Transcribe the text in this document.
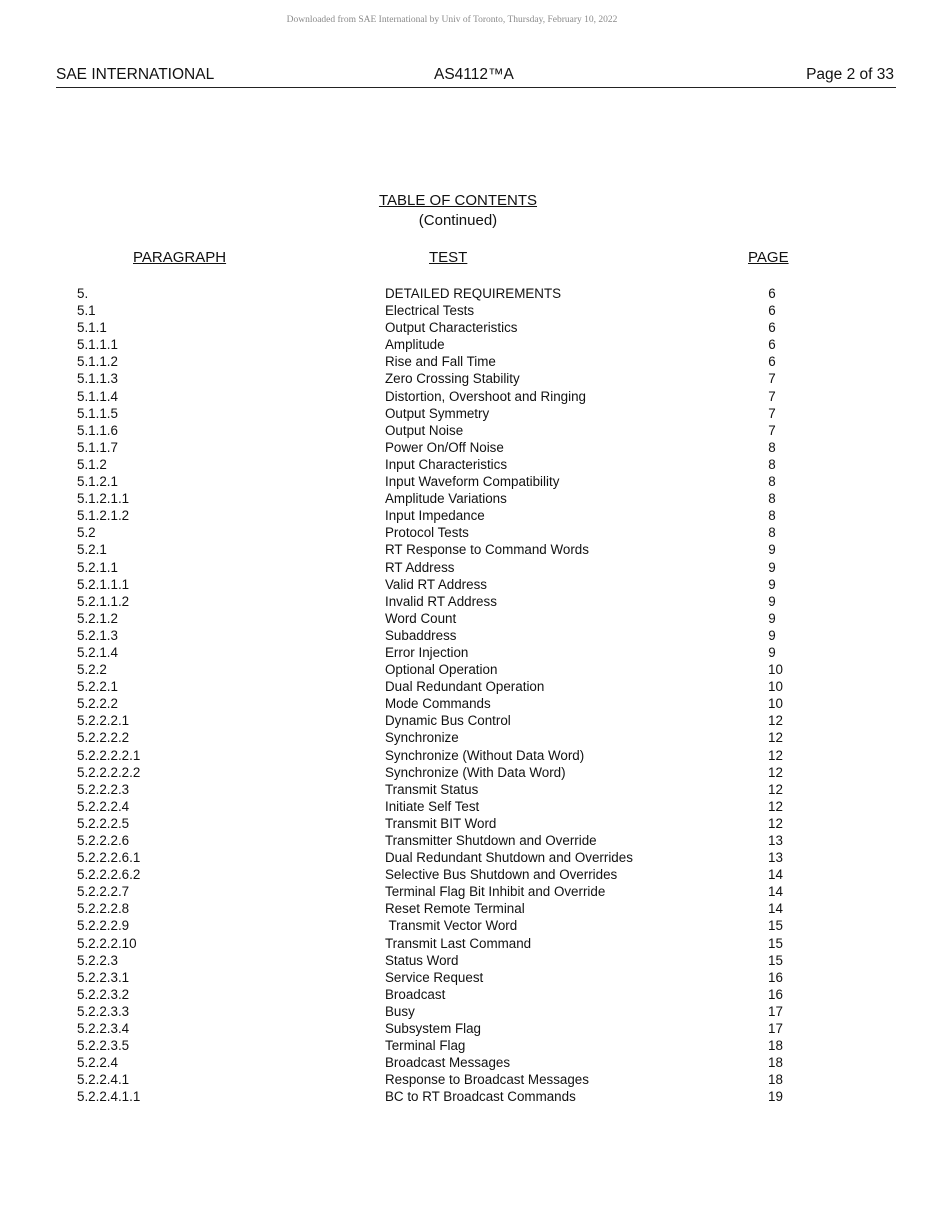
Downloaded from SAE International by Univ of Toronto, Thursday, February 10, 2022
SAE INTERNATIONAL	AS4112™A	Page 2 of 33
TABLE OF CONTENTS
(Continued)
PARAGRAPH	TEST	PAGE
5.	DETAILED REQUIREMENTS	6
5.1	Electrical Tests	6
5.1.1	Output Characteristics	6
5.1.1.1	Amplitude	6
5.1.1.2	Rise and Fall Time	6
5.1.1.3	Zero Crossing Stability	7
5.1.1.4	Distortion, Overshoot and Ringing	7
5.1.1.5	Output Symmetry	7
5.1.1.6	Output Noise	7
5.1.1.7	Power On/Off Noise	8
5.1.2	Input Characteristics	8
5.1.2.1	Input Waveform Compatibility	8
5.1.2.1.1	Amplitude Variations	8
5.1.2.1.2	Input Impedance	8
5.2	Protocol Tests	8
5.2.1	RT Response to Command Words	9
5.2.1.1	RT Address	9
5.2.1.1.1	Valid RT Address	9
5.2.1.1.2	Invalid RT Address	9
5.2.1.2	Word Count	9
5.2.1.3	Subaddress	9
5.2.1.4	Error Injection	9
5.2.2	Optional Operation	10
5.2.2.1	Dual Redundant Operation	10
5.2.2.2	Mode Commands	10
5.2.2.2.1	Dynamic Bus Control	12
5.2.2.2.2	Synchronize	12
5.2.2.2.2.1	Synchronize (Without Data Word)	12
5.2.2.2.2.2	Synchronize (With Data Word)	12
5.2.2.2.3	Transmit Status	12
5.2.2.2.4	Initiate Self Test	12
5.2.2.2.5	Transmit BIT Word	12
5.2.2.2.6	Transmitter Shutdown and Override	13
5.2.2.2.6.1	Dual Redundant Shutdown and Overrides	13
5.2.2.2.6.2	Selective Bus Shutdown and Overrides	14
5.2.2.2.7	Terminal Flag Bit Inhibit and Override	14
5.2.2.2.8	Reset Remote Terminal	14
5.2.2.2.9	Transmit Vector Word	15
5.2.2.2.10	Transmit Last Command	15
5.2.2.3	Status Word	15
5.2.2.3.1	Service Request	16
5.2.2.3.2	Broadcast	16
5.2.2.3.3	Busy	17
5.2.2.3.4	Subsystem Flag	17
5.2.2.3.5	Terminal Flag	18
5.2.2.4	Broadcast Messages	18
5.2.2.4.1	Response to Broadcast Messages	18
5.2.2.4.1.1	BC to RT Broadcast Commands	19
